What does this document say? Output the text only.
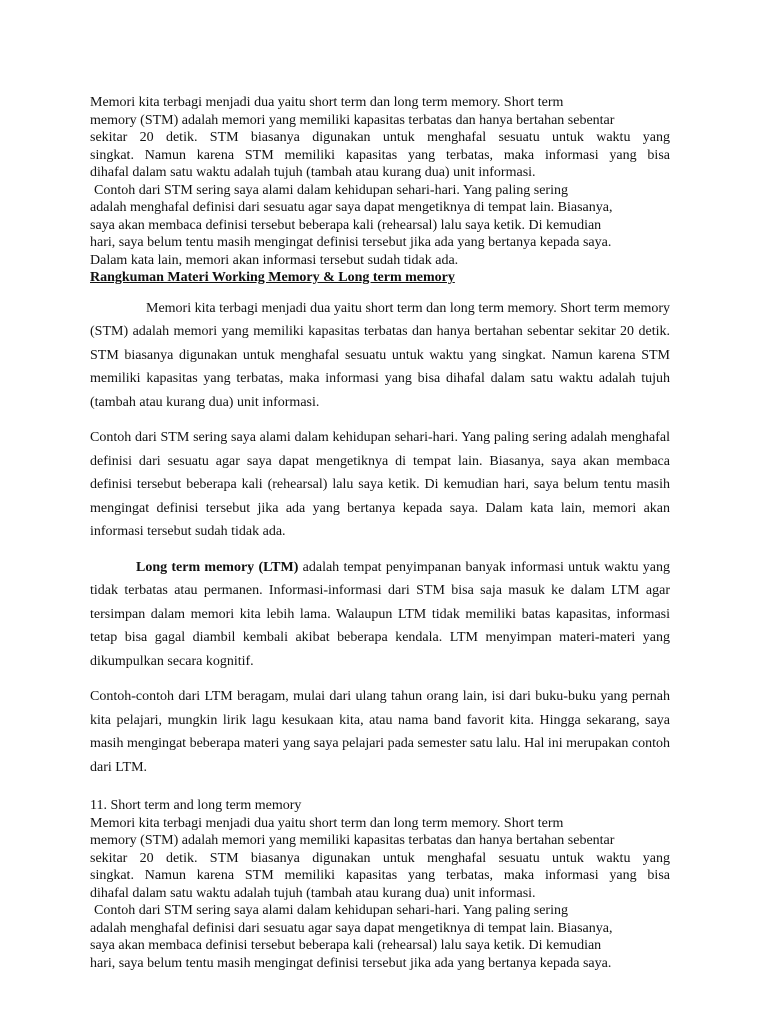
Memori kita terbagi menjadi dua yaitu short term dan long term memory. Short term
memory (STM) adalah memori yang memiliki kapasitas terbatas dan hanya bertahan sebentar
sekitar 20 detik. STM biasanya digunakan untuk menghafal sesuatu untuk waktu yang
singkat. Namun karena STM memiliki kapasitas yang terbatas, maka informasi yang bisa
dihafal dalam satu waktu adalah tujuh (tambah atau kurang dua) unit informasi.
Contoh dari STM sering saya alami dalam kehidupan sehari-hari. Yang paling sering
adalah menghafal definisi dari sesuatu agar saya dapat mengetiknya di tempat lain. Biasanya,
saya akan membaca definisi tersebut beberapa kali (rehearsal) lalu saya ketik. Di kemudian
hari, saya belum tentu masih mengingat definisi tersebut jika ada yang bertanya kepada saya.
Dalam kata lain, memori akan informasi tersebut sudah tidak ada.
Rangkuman Materi Working Memory & Long term memory

Memori kita terbagi menjadi dua yaitu short term dan long term memory. Short term memory (STM) adalah memori yang memiliki kapasitas terbatas dan hanya bertahan sebentar sekitar 20 detik. STM biasanya digunakan untuk menghafal sesuatu untuk waktu yang singkat. Namun karena STM memiliki kapasitas yang terbatas, maka informasi yang bisa dihafal dalam satu waktu adalah tujuh (tambah atau kurang dua) unit informasi.

Contoh dari STM sering saya alami dalam kehidupan sehari-hari. Yang paling sering adalah menghafal definisi dari sesuatu agar saya dapat mengetiknya di tempat lain. Biasanya, saya akan membaca definisi tersebut beberapa kali (rehearsal) lalu saya ketik. Di kemudian hari, saya belum tentu masih mengingat definisi tersebut jika ada yang bertanya kepada saya. Dalam kata lain, memori akan informasi tersebut sudah tidak ada.

Long term memory (LTM) adalah tempat penyimpanan banyak informasi untuk waktu yang tidak terbatas atau permanen. Informasi-informasi dari STM bisa saja masuk ke dalam LTM agar tersimpan dalam memori kita lebih lama. Walaupun LTM tidak memiliki batas kapasitas, informasi tetap bisa gagal diambil kembali akibat beberapa kendala. LTM menyimpan materi-materi yang dikumpulkan secara kognitif.

Contoh-contoh dari LTM beragam, mulai dari ulang tahun orang lain, isi dari buku-buku yang pernah kita pelajari, mungkin lirik lagu kesukaan kita, atau nama band favorit kita. Hingga sekarang, saya masih mengingat beberapa materi yang saya pelajari pada semester satu lalu. Hal ini merupakan contoh dari LTM.

11. Short term and long term memory
Memori kita terbagi menjadi dua yaitu short term dan long term memory. Short term
memory (STM) adalah memori yang memiliki kapasitas terbatas dan hanya bertahan sebentar
sekitar 20 detik. STM biasanya digunakan untuk menghafal sesuatu untuk waktu yang
singkat. Namun karena STM memiliki kapasitas yang terbatas, maka informasi yang bisa
dihafal dalam satu waktu adalah tujuh (tambah atau kurang dua) unit informasi.
Contoh dari STM sering saya alami dalam kehidupan sehari-hari. Yang paling sering
adalah menghafal definisi dari sesuatu agar saya dapat mengetiknya di tempat lain. Biasanya,
saya akan membaca definisi tersebut beberapa kali (rehearsal) lalu saya ketik. Di kemudian
hari, saya belum tentu masih mengingat definisi tersebut jika ada yang bertanya kepada saya.
